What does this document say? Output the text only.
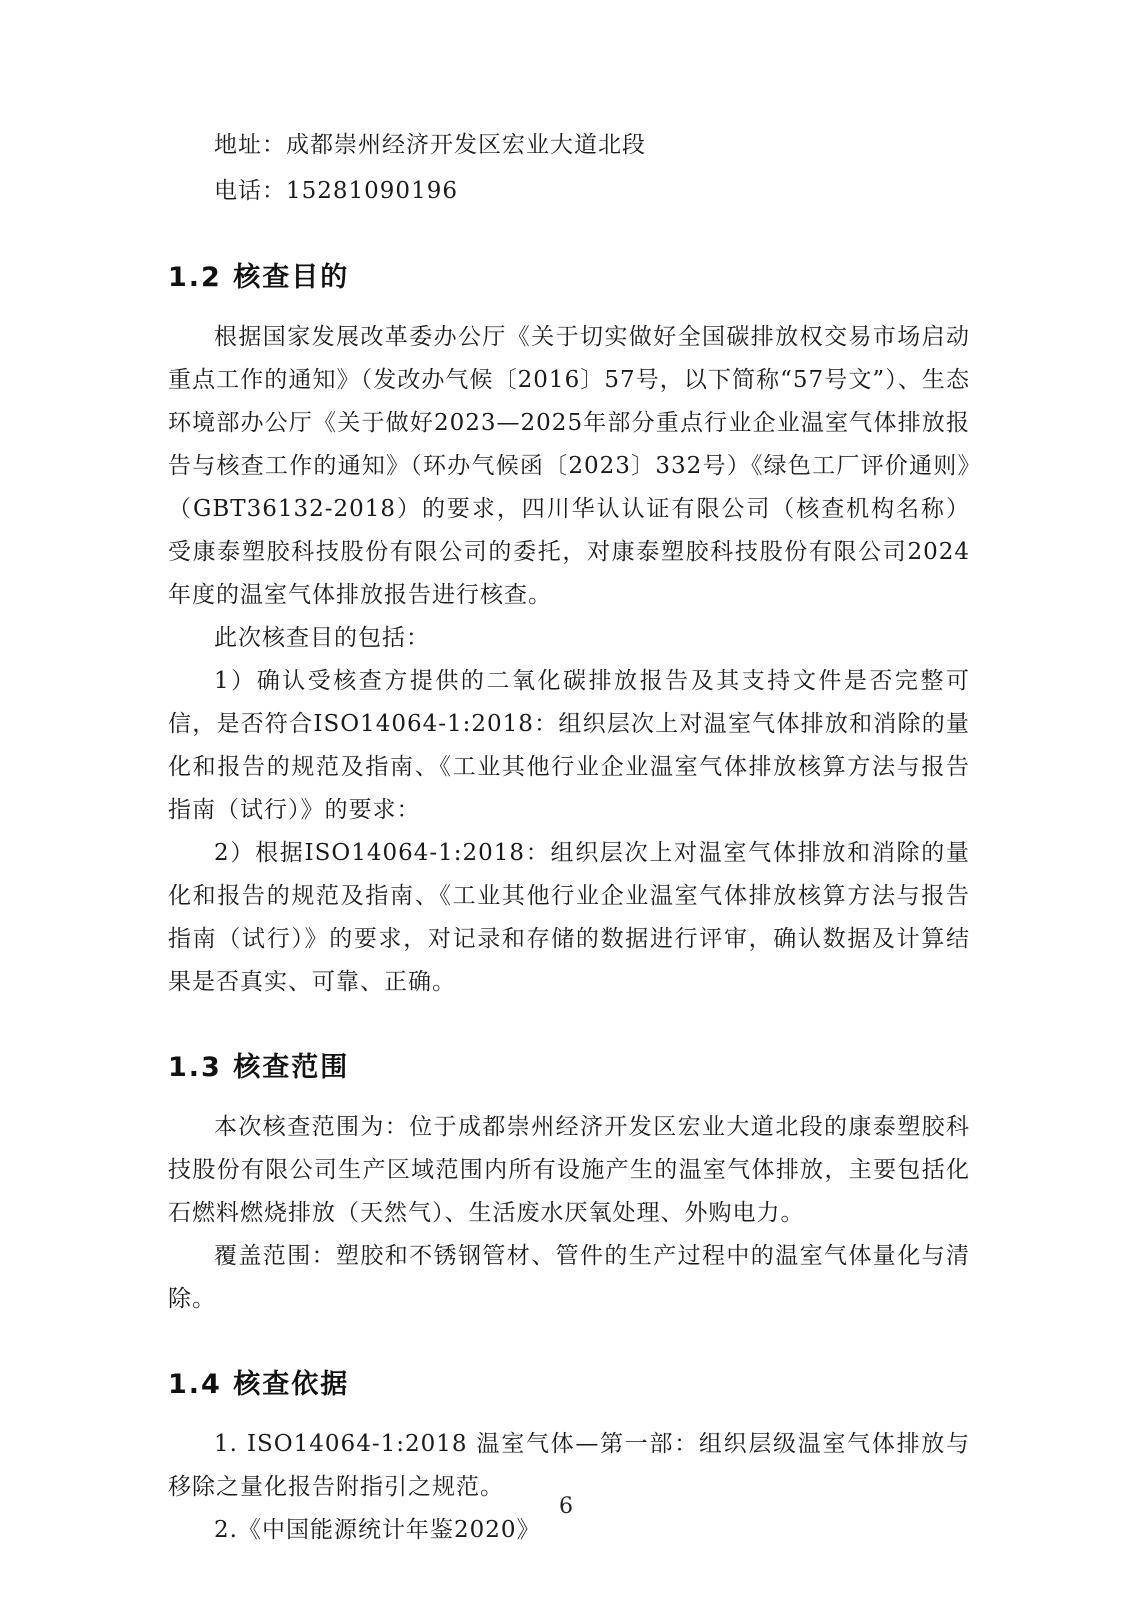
地址：成都崇州经济开发区宏业大道北段

电话：15281090196

1.2 核查目的

根据国家发展改革委办公厅《关于切实做好全国碳排放权交易市场启动重点工作的通知》（发改办气候〔2016〕57号，以下简称“57号文”）、生态环境部办公厅《关于做好2023—2025年部分重点行业企业温室气体排放报告与核查工作的通知》（环办气候函〔2023〕332号）《绿色工厂评价通则》（GBT36132-2018）的要求，四川华认认证有限公司（核查机构名称）受康泰塑胶科技股份有限公司的委托，对康泰塑胶科技股份有限公司2024年度的温室气体排放报告进行核查。

此次核查目的包括：

1）确认受核查方提供的二氧化碳排放报告及其支持文件是否完整可信，是否符合ISO14064-1:2018：组织层次上对温室气体排放和消除的量化和报告的规范及指南、《工业其他行业企业温室气体排放核算方法与报告指南（试行）》的要求：

2）根据ISO14064-1:2018：组织层次上对温室气体排放和消除的量化和报告的规范及指南、《工业其他行业企业温室气体排放核算方法与报告指南（试行）》的要求，对记录和存储的数据进行评审，确认数据及计算结果是否真实、可靠、正确。

1.3 核查范围

本次核查范围为：位于成都崇州经济开发区宏业大道北段的康泰塑胶科技股份有限公司生产区域范围内所有设施产生的温室气体排放，主要包括化石燃料燃烧排放（天然气）、生活废水厌氧处理、外购电力。

覆盖范围：塑胶和不锈钢管材、管件的生产过程中的温室气体量化与清除。

1.4 核查依据

1. ISO14064-1:2018 温室气体—第一部：组织层级温室气体排放与移除之量化报告附指引之规范。

2.《中国能源统计年鉴2020》

6
